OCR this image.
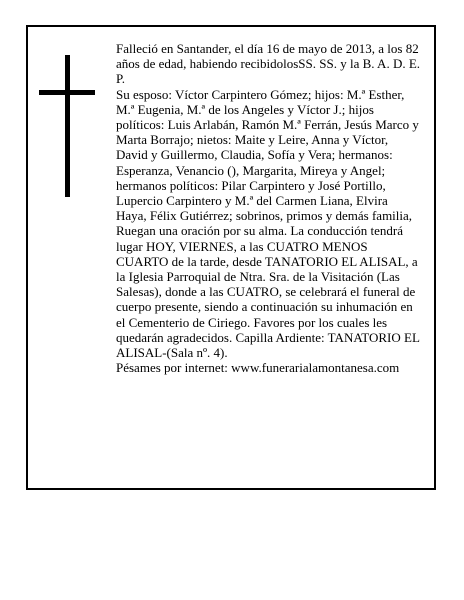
Falleció en Santander, el día 16 de mayo de 2013, a los 82 años de edad, habiendo recibidolosSS. SS. y la B. A. D. E. P.

Su esposo: Víctor Carpintero Gómez; hijos: M.ª Esther, M.ª Eugenia, M.ª de los Angeles y Víctor J.; hijos políticos: Luis Arlabán, Ramón M.ª Ferrán, Jesús Marco y Marta Borrajo; nietos: Maite y Leire, Anna y Víctor, David y Guillermo, Claudia, Sofía y Vera; hermanos: Esperanza, Venancio (), Margarita, Mireya y Angel; hermanos políticos: Pilar Carpintero y José Portillo, Lupercio Carpintero y M.ª del Carmen Liana, Elvira Haya, Félix Gutiérrez; sobrinos, primos y demás familia,

Ruegan una oración por su alma. La conducción tendrá lugar HOY, VIERNES, a las CUATRO MENOS CUARTO de la tarde, desde TANATORIO EL ALISAL, a la Iglesia Parroquial de Ntra. Sra. de la Visitación (Las Salesas), donde a las CUATRO, se celebrará el funeral de cuerpo presente, siendo a continuación su inhumación en el Cementerio de Ciriego. Favores por los cuales les quedarán agradecidos. Capilla Ardiente: TANATORIO EL ALISAL-(Sala nº. 4).

Pésames por internet: www.funerarialamontanesa.com
